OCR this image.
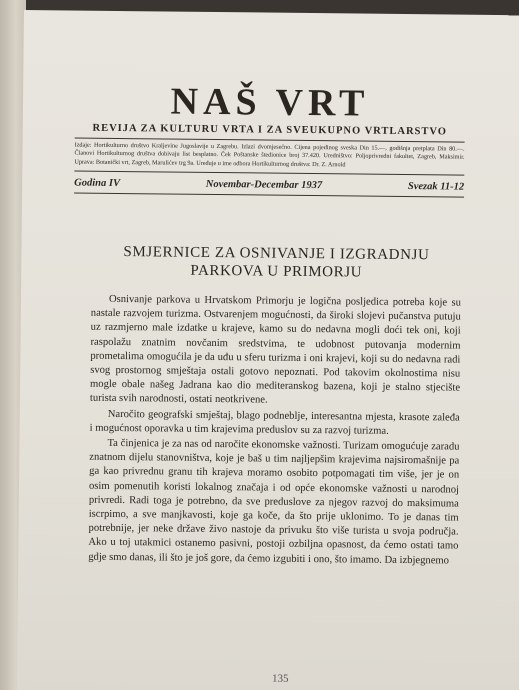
NAŠ VRT
REVIJA ZA KULTURU VRTA I ZA SVEUKUPNO VRTLARSTVO

Izdaje: Hortikulturno društvo Kraljevine Jugoslavije u Zagrebu. Izlazi dvomjesečno. Cijena pojedinog sveska Din 15.—, godišnja pretplata Din 80.—. Članovi Hortikulturnog društva dobivaju list besplatno. Ček Poštanske štedionice broj 37.420. Uredništvo: Poljoprivredni fakultet, Zagreb, Maksimir. Uprava: Botanički vrt, Zagreb, Marulićev trg 9a. Uređuje u ime odbora Hortikulturnog društva: Dr. Z. Arnold

Godina IV	Novembar-Decembar 1937	Svezak 11-12
SMJERNICE ZA OSNIVANJE I IZGRADNJU
PARKOVA U PRIMORJU

Osnivanje parkova u Hrvatskom Primorju je logična posljedica potreba koje su nastale razvojem turizma. Ostvarenjem mogućnosti, da široki slojevi pučanstva putuju uz razmjerno male izdatke u krajeve, kamo su do nedavna mogli doći tek oni, koji raspolažu znatnim novčanim sredstvima, te udobnost putovanja modernim prometalima omogućila je da uđu u sferu turizma i oni krajevi, koji su do nedavna radi svog prostornog smještaja ostali gotovo nepoznati. Pod takovim okolnostima nisu mogle obale našeg Jadrana kao dio mediteranskog bazena, koji je stalno stjecište turista svih narodnosti, ostati neotkrivene.

Naročito geografski smještaj, blago podneblje, interesantna mjesta, krasote zaleđa i mogućnost oporavka u tim krajevima preduslov su za razvoj turizma.

Ta činjenica je za nas od naročite ekonomske važnosti. Turizam omogućuje zaradu znatnom dijelu stanovništva, koje je baš u tim najljepšim krajevima najsiromašnije pa ga kao privrednu granu tih krajeva moramo osobito potpomagati tim više, jer je on osim pomenutih koristi lokalnog značaja i od opće ekonomske važnosti u narodnoj privredi. Radi toga je potrebno, da sve preduslove za njegov razvoj do maksimuma iscrpimo, a sve manjkavosti, koje ga koče, da što prije uklonimo. To je danas tim potrebnije, jer neke države živo nastoje da privuku što više turista u svoja područja. Ako u toj utakmici ostanemo pasivni, postoji ozbiljna opasnost, da ćemo ostati tamo gdje smo danas, ili što je još gore, da ćemo izgubiti i ono, što imamo. Da izbjegnemo

135
